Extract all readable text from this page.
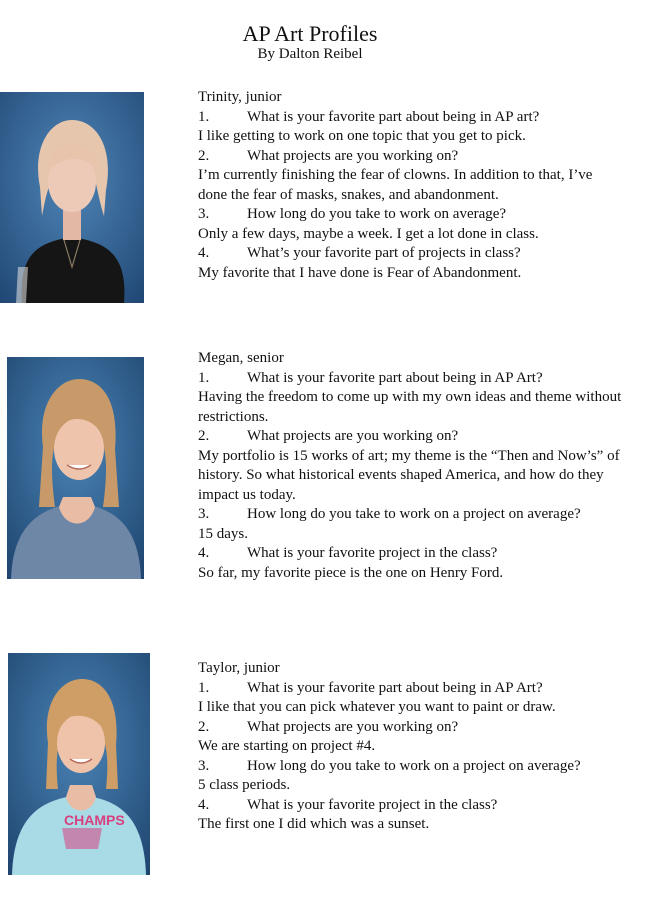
AP Art Profiles
By Dalton Reibel
CHAMPS
Trinity, junior
1.	What is your favorite part about being in AP art?
I like getting to work on one topic that you get to pick.
2.	What projects are you working on?
I’m currently finishing the fear of clowns. In addition to that, I’ve
done the fear of masks, snakes, and abandonment.
3.	How long do you take to work on average?
Only a few days, maybe a week. I get a lot done in class.
4.	What’s your favorite part of projects in class?
My favorite that I have done is Fear of Abandonment.
Megan, senior
1.	What is your favorite part about being in AP Art?
Having the freedom to come up with my own ideas and theme without
restrictions.
2.	What projects are you working on?
My portfolio is 15 works of art; my theme is the “Then and Now’s” of
history. So what historical events shaped America, and how do they
impact us today.
3.	How long do you take to work on a project on average?
15 days.
4.	What is your favorite project in the class?
So far, my favorite piece is the one on Henry Ford.
Taylor, junior
1.	What is your favorite part about being in AP Art?
I like that you can pick whatever you want to paint or draw.
2.	What projects are you working on?
We are starting on project #4.
3.	How long do you take to work on a project on average?
5 class periods.
4.	What is your favorite project in the class?
The first one I did which was a sunset.
